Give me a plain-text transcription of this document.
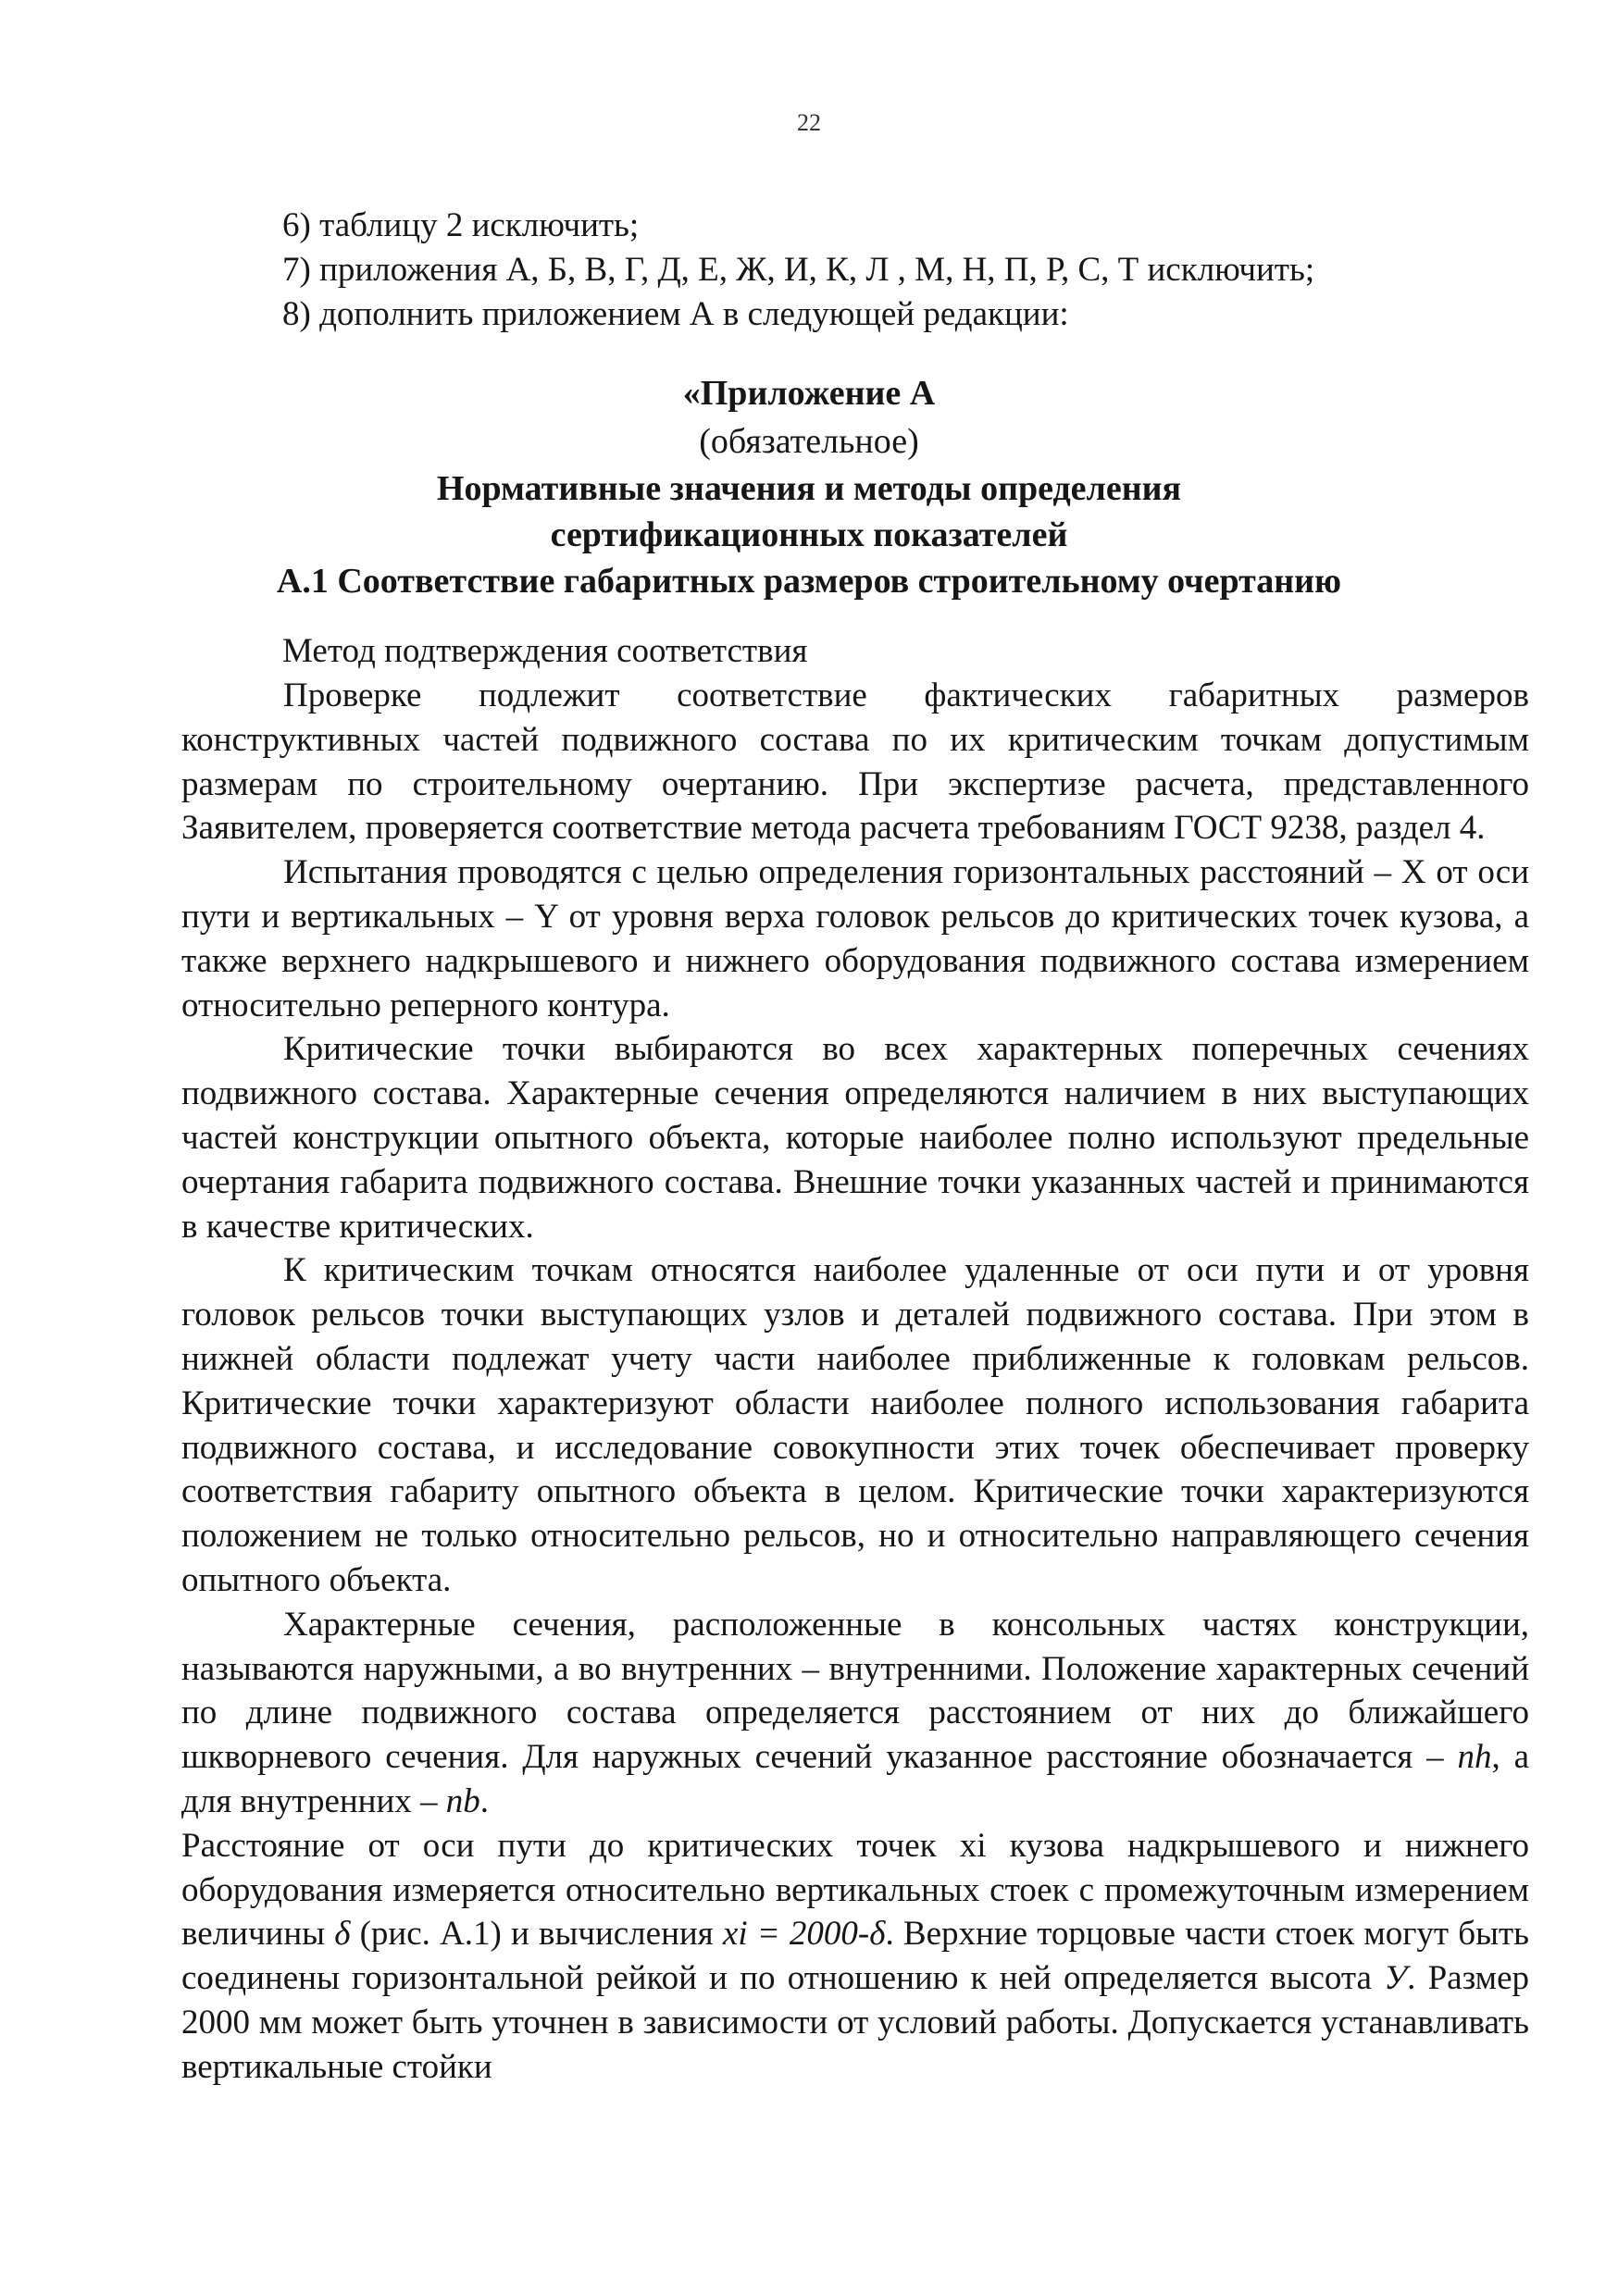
22
6) таблицу 2 исключить;
7) приложения А, Б, В, Г, Д, Е, Ж, И, К, Л , М, Н, П, Р, С, Т исключить;
8) дополнить приложением А в следующей редакции:
«Приложение А
(обязательное)
Нормативные значения и методы определения
сертификационных показателей
А.1 Соответствие габаритных размеров строительному очертанию
Метод подтверждения соответствия

Проверке подлежит соответствие фактических габаритных размеров конструктивных частей подвижного состава по их критическим точкам допустимым размерам по строительному очертанию. При экспертизе расчета, представленного Заявителем, проверяется соответствие метода расчета требованиям ГОСТ 9238, раздел 4.

Испытания проводятся с целью определения горизонтальных расстояний – X от оси пути и вертикальных – Y от уровня верха головок рельсов до критических точек кузова, а также верхнего надкрышевого и нижнего оборудования подвижного состава измерением относительно реперного контура.

Критические точки выбираются во всех характерных поперечных сечениях подвижного состава. Характерные сечения определяются наличием в них выступающих частей конструкции опытного объекта, которые наиболее полно используют предельные очертания габарита подвижного состава. Внешние точки указанных частей и принимаются в качестве критических.

К критическим точкам относятся наиболее удаленные от оси пути и от уровня головок рельсов точки выступающих узлов и деталей подвижного состава. При этом в нижней области подлежат учету части наиболее приближенные к головкам рельсов. Критические точки характеризуют области наиболее полного использования габарита подвижного состава, и исследование совокупности этих точек обеспечивает проверку соответствия габариту опытного объекта в целом. Критические точки характеризуются положением не только относительно рельсов, но и относительно направляющего сечения опытного объекта.

Характерные сечения, расположенные в консольных частях конструкции, называются наружными, а во внутренних – внутренними. Положение характерных сечений по длине подвижного состава определяется расстоянием от них до ближайшего шкворневого сечения. Для наружных сечений указанное расстояние обозначается – nh, а для внутренних – nb.

Расстояние от оси пути до критических точек xi кузова надкрышевого и нижнего оборудования измеряется относительно вертикальных стоек с промежуточным измерением величины δ (рис. А.1) и вычисления xi = 2000-δ. Верхние торцовые части стоек могут быть соединены горизонтальной рейкой и по отношению к ней определяется высота У. Размер 2000 мм может быть уточнен в зависимости от условий работы. Допускается устанавливать вертикальные стойки
